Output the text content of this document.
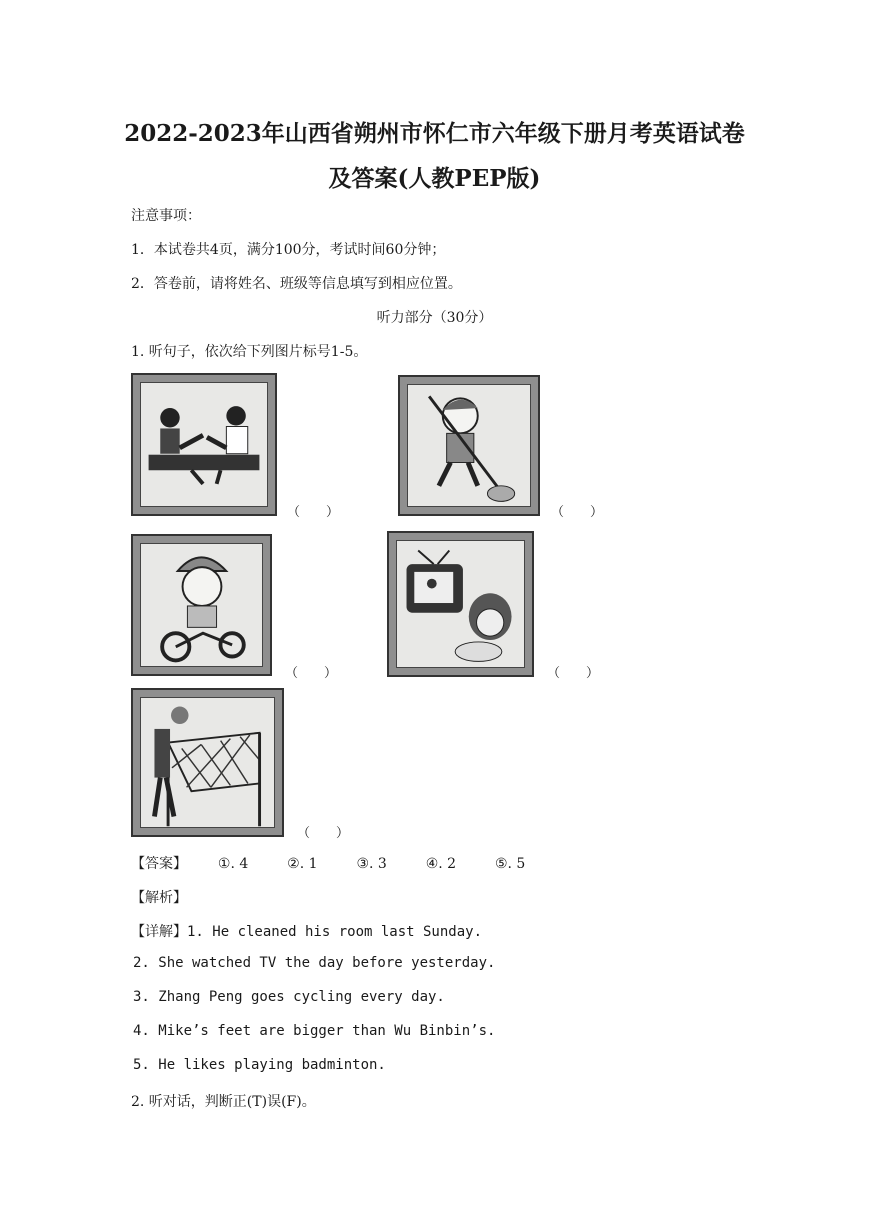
2022-2023年山西省朔州市怀仁市六年级下册月考英语试卷
及答案(人教PEP版)
注意事项：
1．本试卷共4页，满分100分，考试时间60分钟；
2．答卷前，请将姓名、班级等信息填写到相应位置。
听力部分（30分）
1. 听句子，依次给下列图片标号1-5。
（　　）	（　　）
（　　）	（　　）
（　　）
【答案】 ①. 4	②. 1	③. 3	④. 2	⑤. 5
【解析】
【详解】1. He cleaned his room last Sunday.
2. She watched TV the day before yesterday.
3. Zhang Peng goes cycling every day.
4. Mike’s feet are bigger than Wu Binbin’s.
5. He likes playing badminton.
2. 听对话，判断正(T)误(F)。
